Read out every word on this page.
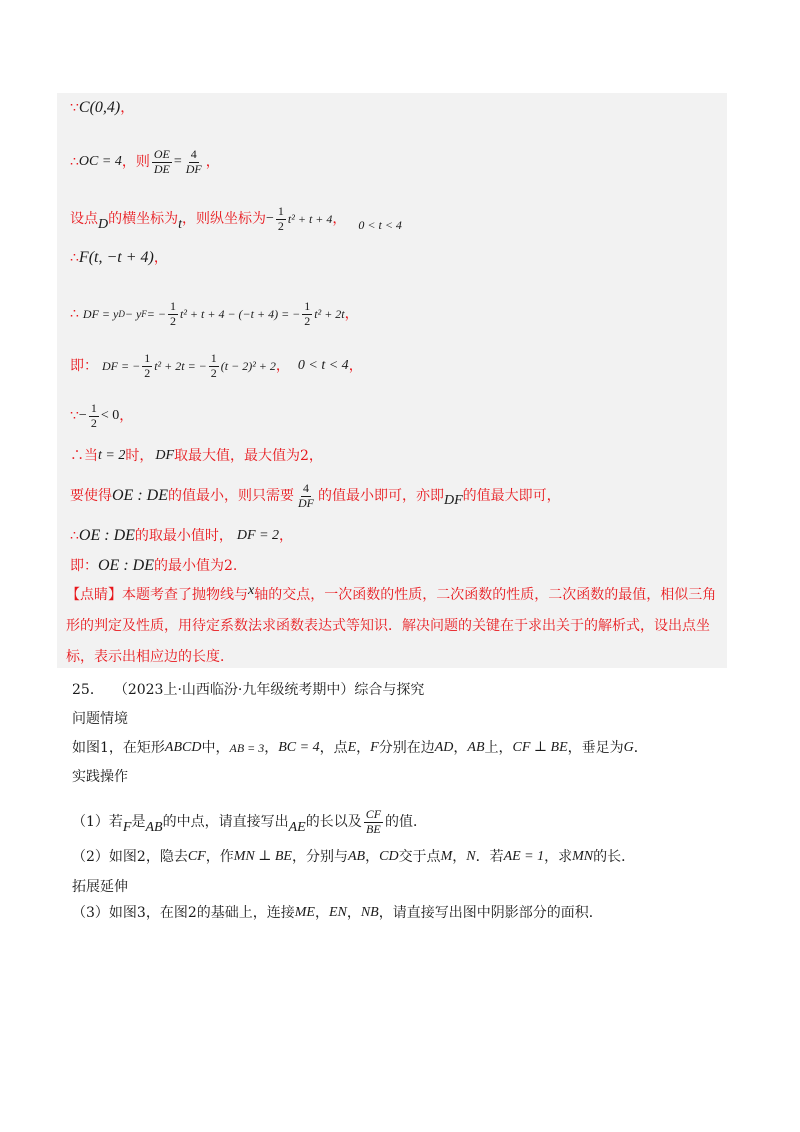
∵ C(0,4) ，
∴ OC = 4 ，则 $\frac{OE}{DE} = \frac{4}{DF}$ ，
设点 D 的横坐标为 t ，则纵坐标为 − $\frac{1}{2} t^2 + t + 4$ ， 0 < t < 4
∴ F(t, −t + 4) ，
∴ DF = y D − y F = − $\frac{1}{2} t^2 + t + 4 - (-t + 4)$ = − $\frac{1}{2} t^2 + 2t$ ，
即： DF = − $\frac{1}{2} t^2 + 2t$ = − $\frac{1}{2} (t - 2)^2 + 2$ ， 0 < t < 4 ，
∵ − $\frac{1}{2} < 0$ ，
∴当 t = 2 时， DF 取最大值，最大值为2，
要使得 OE : DE 的值最小，则只需要 $\frac{4}{DF}$ 的值最小即可，亦即 DF 的值最大即可，
∴ OE : DE 的取最小值时， DF = 2 ，
即： OE : DE 的最小值为2.
【点睛】本题考查了抛物线与x轴的交点，一次函数的性质，二次函数的性质，二次函数的最值，相似三角形的判定及性质，用待定系数法求函数表达式等知识．解决问题的关键在于求出关于的解析式，设出点坐标，表示出相应边的长度．
25． （2023上·山西临汾·九年级统考期中）综合与探究
问题情境
如图1，在矩形 ABCD 中， AB = 3 ， BC = 4 ，点 E ， F 分别在边 AD ， AB 上， CF ⊥ BE ，垂足为 G ．
实践操作
（1）若 F 是 AB 的中点，请直接写出 AE 的长以及 $\frac{CF}{BE}$ 的值．
（2）如图2，隐去 CF ，作 MN ⊥ BE ，分别与 AB ， CD 交于点 M ， N ．若 AE = 1 ，求 MN 的长．
拓展延伸
（3）如图3，在图2的基础上，连接 ME ， EN ， NB ，请直接写出图中阴影部分的面积．
